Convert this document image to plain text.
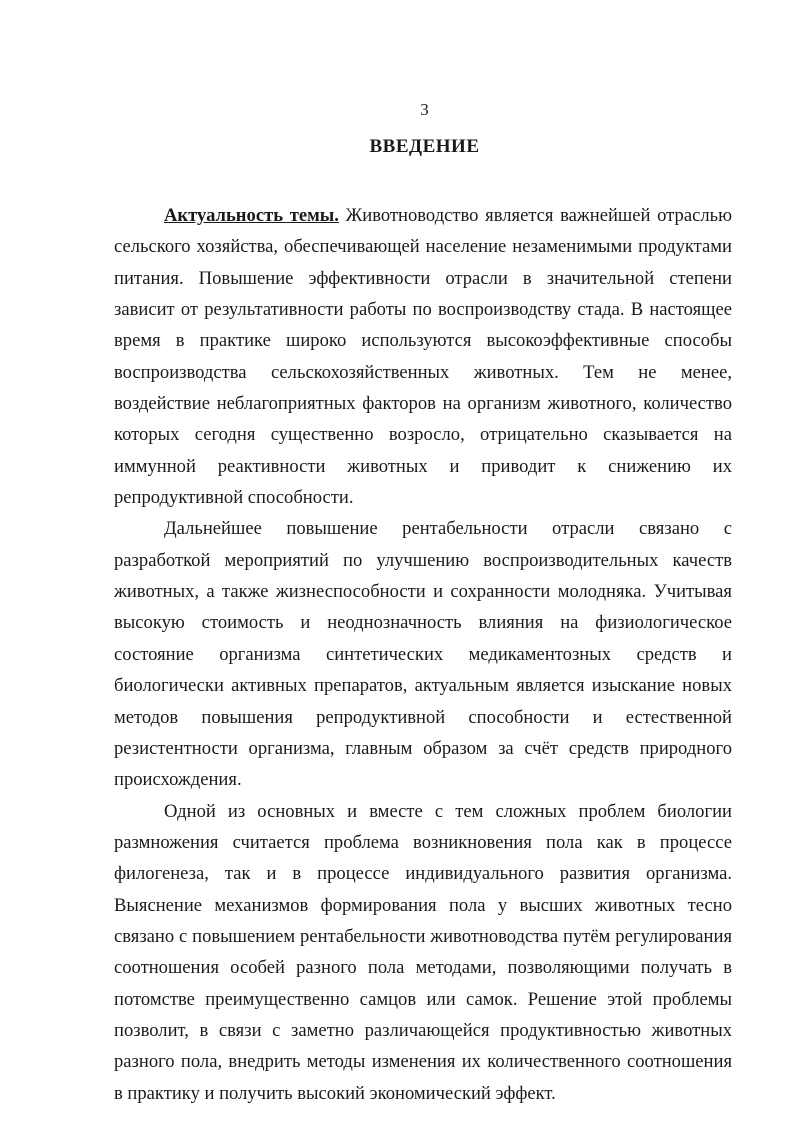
3
ВВЕДЕНИЕ

Актуальность темы. Животноводство является важнейшей отраслью сельского хозяйства, обеспечивающей население незаменимыми продуктами питания. Повышение эффективности отрасли в значительной степени зависит от результативности работы по воспроизводству стада. В настоящее время в практике широко используются высокоэффективные способы воспроизводства сельскохозяйственных животных. Тем не менее, воздействие неблагоприятных факторов на организм животного, количество которых сегодня существенно возросло, отрицательно сказывается на иммунной реактивности животных и приводит к снижению их репродуктивной способности.

Дальнейшее повышение рентабельности отрасли связано с разработкой мероприятий по улучшению воспроизводительных качеств животных, а также жизнеспособности и сохранности молодняка. Учитывая высокую стоимость и неоднозначность влияния на физиологическое состояние организма синтетических медикаментозных средств и биологически активных препаратов, актуальным является изыскание новых методов повышения репродуктивной способности и естественной резистентности организма, главным образом за счёт средств природного происхождения.

Одной из основных и вместе с тем сложных проблем биологии размножения считается проблема возникновения пола как в процессе филогенеза, так и в процессе индивидуального развития организма. Выяснение механизмов формирования пола у высших животных тесно связано с повышением рентабельности животноводства путём регулирования соотношения особей разного пола методами, позволяющими получать в потомстве преимущественно самцов или самок. Решение этой проблемы позволит, в связи с заметно различающейся продуктивностью животных разного пола, внедрить методы изменения их количественного соотношения в практику и получить высокий экономический эффект.
